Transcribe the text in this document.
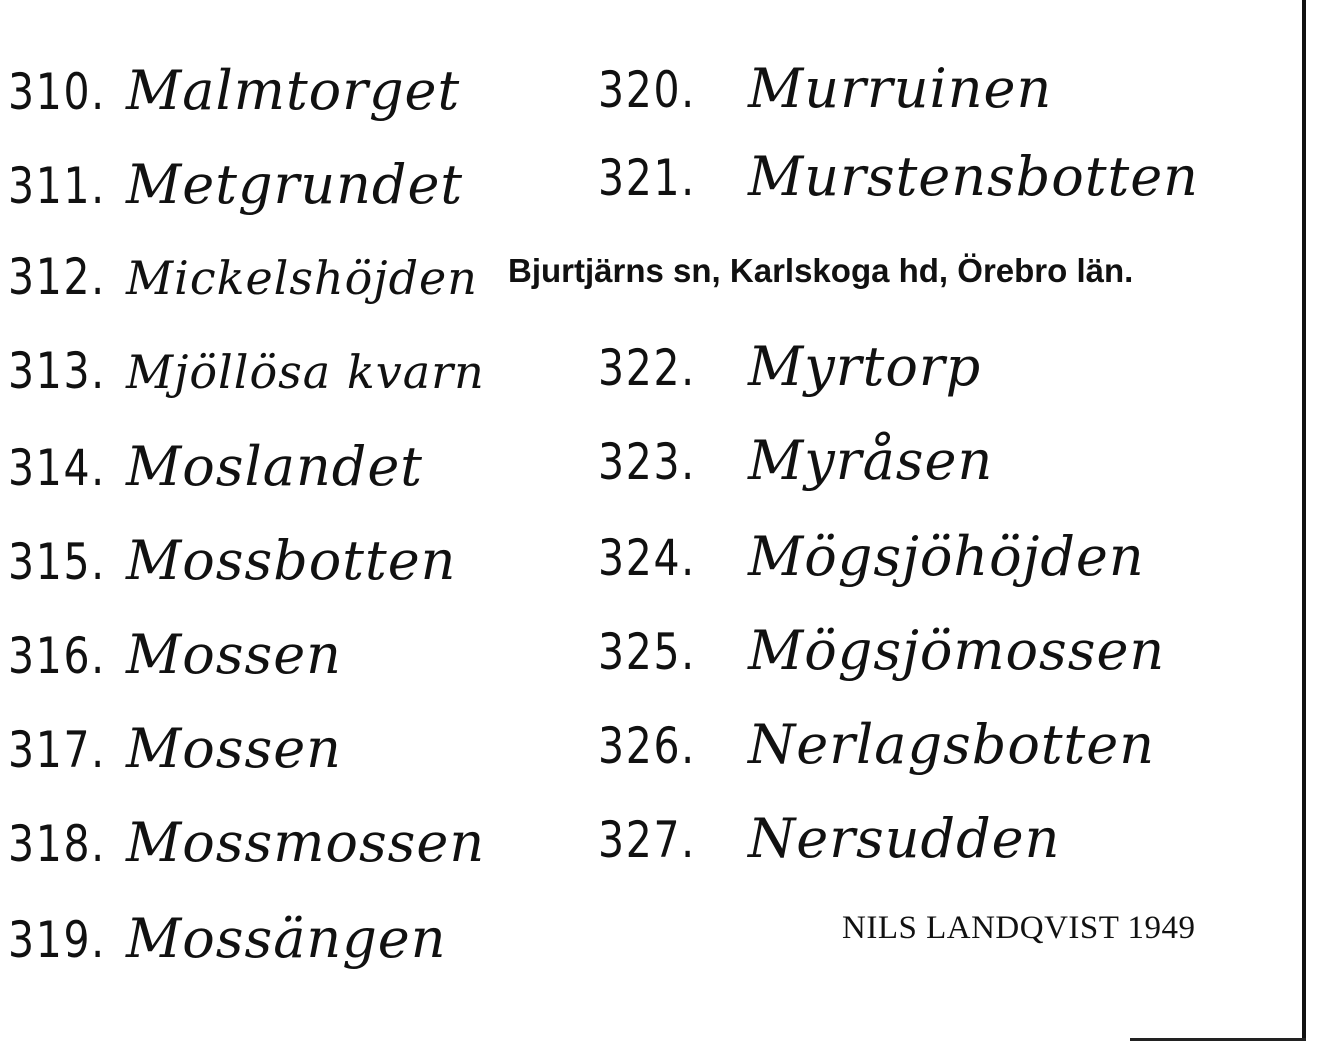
310. Malmtorget
311. Metgrundet
312. Mickelshöjden
313. Mjöllösa kvarn
314. Moslandet
315. Mossbotten
316. Mossen
317. Mossen
318. Mossmossen
319. Mossängen
320. Murruinen
321. Murstensbotten
322. Myrtorp
323. Myråsen
324. Mögsjöhöjden
325. Mögsjömossen
326. Nerlagsbotten
327. Nersudden
Bjurtjärns sn, Karlskoga hd, Örebro län.
NILS LANDQVIST 1949
